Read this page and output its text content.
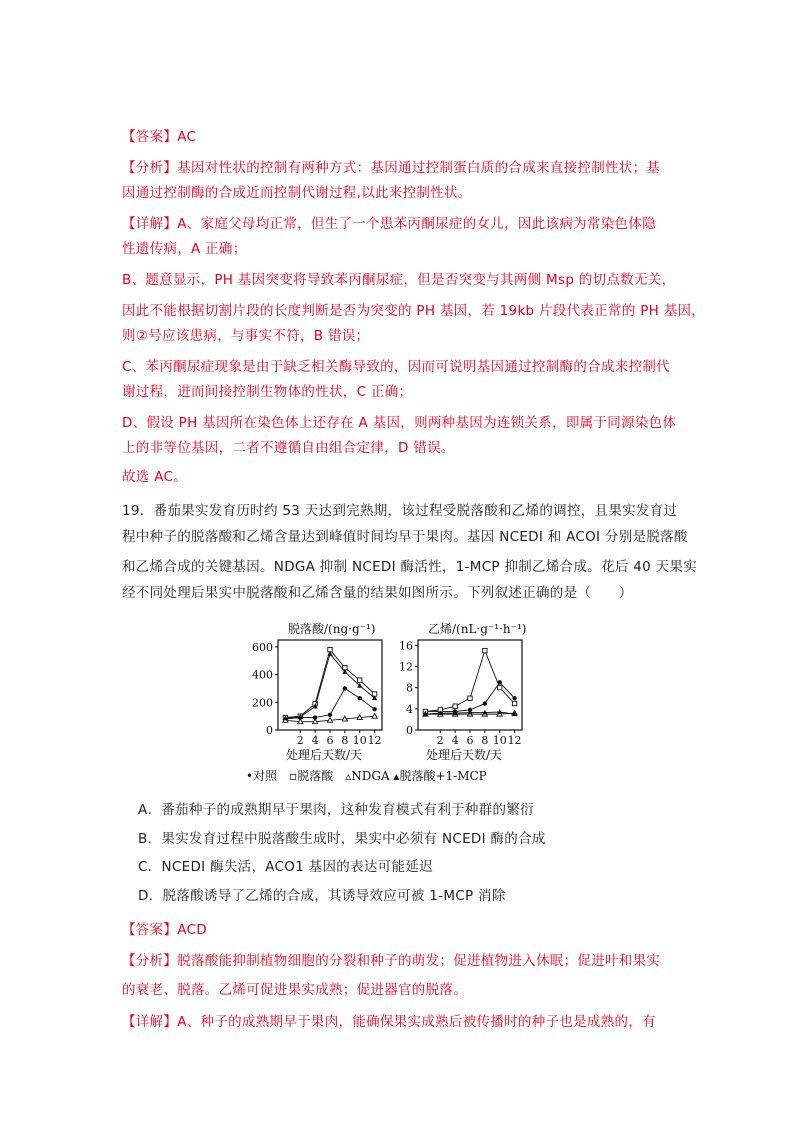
【答案】AC
【分析】基因对性状的控制有两种方式：基因通过控制蛋白质的合成来直接控制性状；基
因通过控制酶的合成近而控制代谢过程,以此来控制性状。
【详解】A、家庭父母均正常，但生了一个患苯丙酮尿症的女儿，因此该病为常染色体隐
性遗传病，A 正确；
B、题意显示，PH 基因突变将导致苯丙酮尿症，但是否突变与其两侧 Msp 的切点数无关，
因此不能根据切割片段的长度判断是否为突变的 PH 基因，若 19kb 片段代表正常的 PH 基因，
则②号应该患病，与事实不符，B 错误；
C、苯丙酮尿症现象是由于缺乏相关酶导致的，因而可说明基因通过控制酶的合成来控制代
谢过程，进而间接控制生物体的性状，C 正确；
D、假设 PH 基因所在染色体上还存在 A 基因，则两种基因为连锁关系，即属于同源染色体
上的非等位基因，二者不遵循自由组合定律，D 错误。
故选 AC。
19．番茄果实发育历时约 53 天达到完熟期，该过程受脱落酸和乙烯的调控，且果实发育过
程中种子的脱落酸和乙烯含量达到峰值时间均早于果肉。基因 NCEDI 和 ACOI 分别是脱落酸
和乙烯合成的关键基因。NDGA 抑制 NCEDI 酶活性，1-MCP 抑制乙烯合成。花后 40 天果实
经不同处理后果实中脱落酸和乙烯含量的结果如图所示。下列叙述正确的是（　　）
A．番茄种子的成熟期早于果肉，这种发育模式有利于种群的繁衍
B．果实发育过程中脱落酸生成时，果实中必须有 NCEDI 酶的合成
C．NCEDI 酶失活，ACO1 基因的表达可能延迟
D．脱落酸诱导了乙烯的合成，其诱导效应可被 1-MCP 消除
【答案】ACD
【分析】脱落酸能抑制植物细胞的分裂和种子的萌发；促进植物进入休眠；促进叶和果实
的衰老、脱落。乙烯可促进果实成熟；促进器官的脱落。
【详解】A、种子的成熟期早于果肉，能确保果实成熟后被传播时的种子也是成熟的，有
脱落酸/(ng·g⁻¹)
0
200
400
600
2 4 6 8 10 12
处理后天数/天
乙烯/(nL·g⁻¹·h⁻¹)
0
4
8
12
16
2 4 6 8 10 12
处理后天数/天
•对照　▫脱落酸　▵NDGA ▴脱落酸+1-MCP
